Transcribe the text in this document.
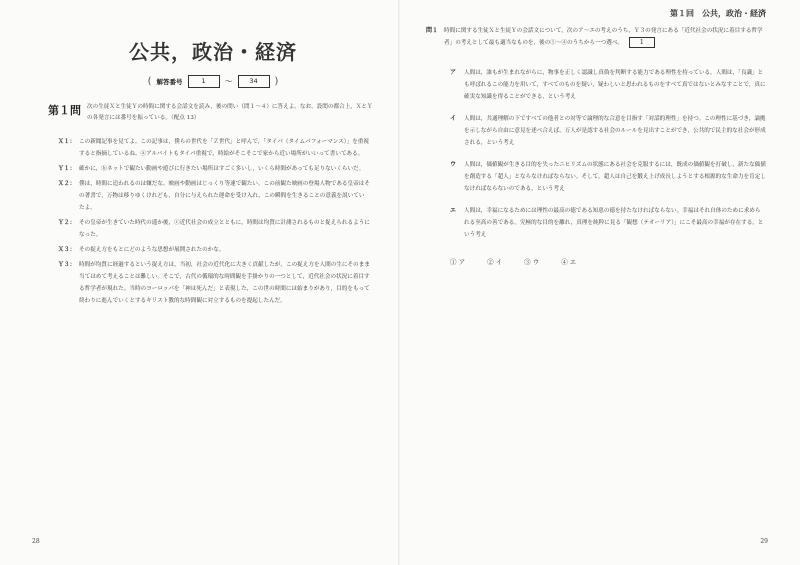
公共，政治・経済
( 解答番号	1	～	34	)
第１問 次の生徒Ｘと生徒Ｙの時間に関する会話文を読み，後の問い（問１～４）に答えよ。なお，設問の都合上，ＸとＹの各発言には番号を振っている。（配点 13）
Ｘ１： この新聞記事を見てよ。この記事は，僕らの世代を「Ｚ世代」と呼んで，「タイパ（タイムパフォーマンス）」を重視すると指摘しているね。ⓐアルバイトもタイパ重視で，時給がそこそこで家から近い場所がいいって書いてある。
Ｙ１： 確かに，ⓑネットで観たい動画や遊びに行きたい場所はすごく多いし，いくら時間があっても足りないくらいだ。
Ｘ２： 僕は，時間に追われるのは嫌だな。映画や動画はじっくり等速で観たい。この前観た映画の登場人物である皇帝はその著書で，万物は移りゆくけれども，自分に与えられた運命を受け入れ，この瞬間を生きることの意義を説いていたよ。
Ｙ２： その皇帝が生きていた時代の遥か後，ⓒ近代社会の成立とともに，時間は均質に計測されるものと捉えられるようになった。
Ｘ３： その捉え方をもとにどのような思想が展開されたのかな。
Ｙ３： 時間が均質に経過するという捉え方は，当初，社会の近代化に大きく貢献したが，この捉え方を人間の生にそのまま当てはめて考えることは難しい。そこで，古代の循環的な時間観を手掛かりの一つとして，近代社会の状況に着目する哲学者が現れた。当時のヨーロッパを「神は死んだ」と表現した，この世の時間には始まりがあり，目的をもって終わりに進んでいくとするキリスト教的な時間観に対立するものを提起したんだ。
28
第１回　公共，政治・経済
問１ 時間に関する生徒Ｘと生徒Ｙの会話文について，次のア～エの考えのうち，Ｙ３の発言にある「近代社会の状況に着目する哲学者」の考えとして最も適当なものを，後の①～④のうちから一つ選べ。	1
ア	人間は，誰もが生まれながらに，物事を正しく認識し真偽を判断する能力である理性を持っている。人間は，「良識」とも呼ばれるこの能力を用いて，すべてのものを疑い，疑わしいと思われるものをすべて真ではないとみなすことで，真に確実な知識を得ることができる，という考え
イ	人間は，共通理解の下ですべての他者との対等で論理的な合意を目指す「対話的理性」を持つ。この理性に基づき，論拠を示しながら自由に意見を述べ合えば，万人が是認する社会のルールを見出すことができ，公共的で民主的な社会が形成される，という考え
ウ	人間は，価値観が生きる目的を失ったニヒリズムの状態にある社会を克服するには，既成の価値観を打破し，新たな価値を創造する「超人」とならなければならない。そして，超人は自己を鍛え上げ成長しようとする根源的な生命力を肯定しなければならないのである，という考え
エ	人間は，幸福になるためには理性の最高の徳である知恵の徳を持たなければならない。幸福はそれ自体のために求められる至高の善である。究極的な目的を離れ，真理を純粋に見る「観想（テオーリア）」にこそ最高の幸福が存在する，という考え
① ア	② イ	③ ウ	④ エ
29
